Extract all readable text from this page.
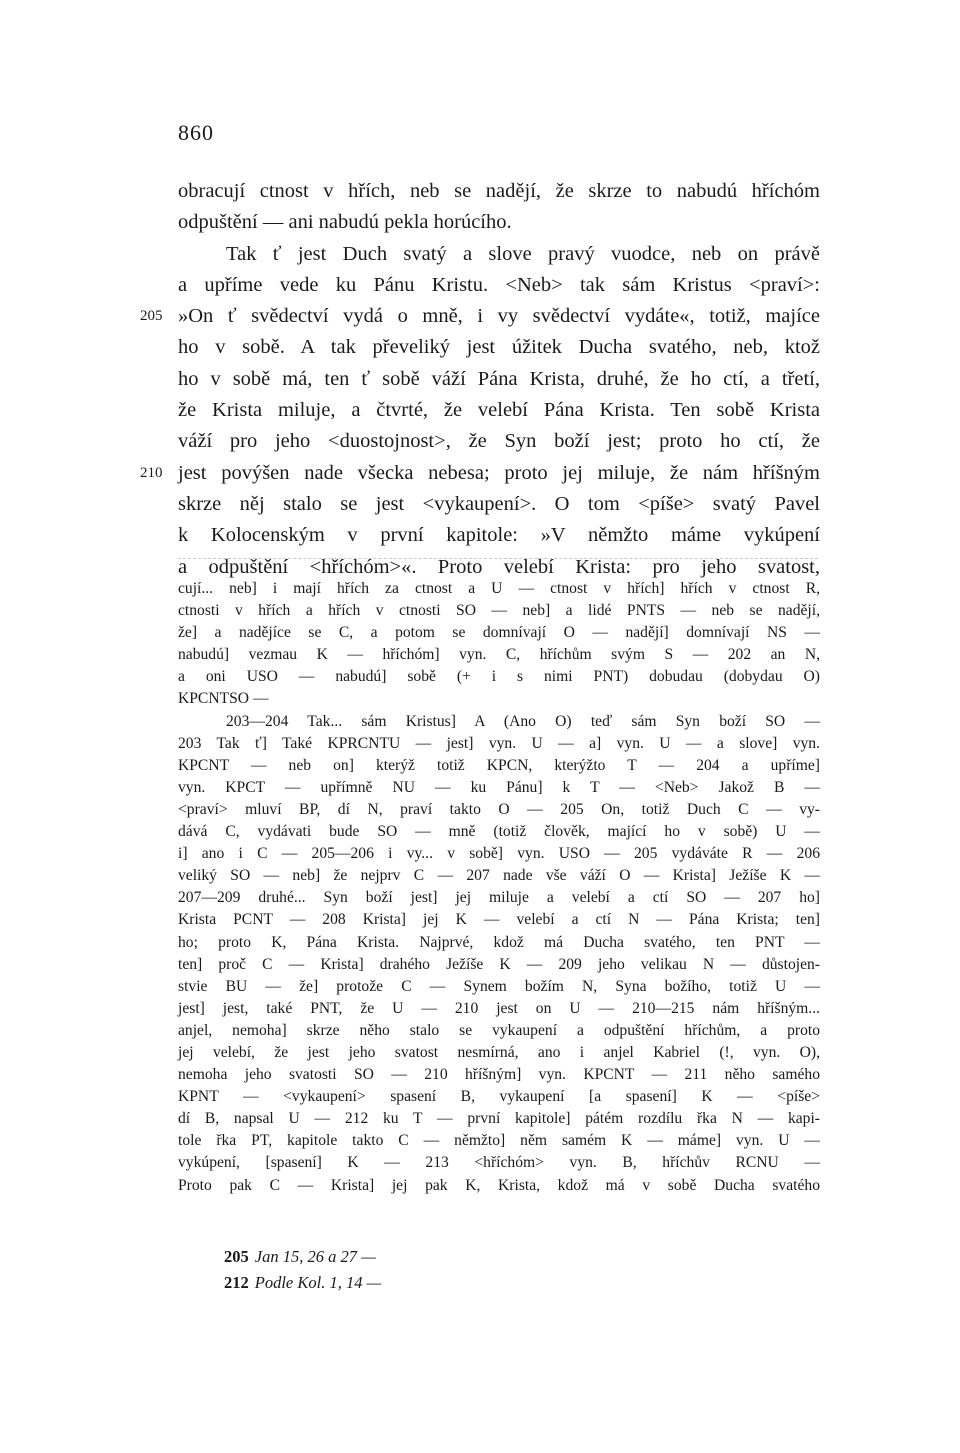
860
obracují ctnost v hřích, neb se nadějí, že skrze to nabudú hříchóm
odpuštění — ani nabudú pekla horúcího.
Tak ť jest Duch svatý a slove pravý vuodce, neb on právě
a upříme vede ku Pánu Kristu. <Neb> tak sám Kristus <praví>:
205 »On ť svědectví vydá o mně, i vy svědectví vydáte«, totiž, majíce
ho v sobě. A tak převeliký jest úžitek Ducha svatého, neb, ktož
ho v sobě má, ten ť sobě váží Pána Krista, druhé, že ho ctí, a třetí,
že Krista miluje, a čtvrté, že velebí Pána Krista. Ten sobě Krista
váží pro jeho <duostojnost>, že Syn boží jest; proto ho ctí, že
210 jest povýšen nade všecka nebesa; proto jej miluje, že nám hříšným
skrze něj stalo se jest <vykaupení>. O tom <píše> svatý Pavel
k Kolocenským v první kapitole: »V němžto máme vykúpení
a odpuštění <hříchóm>«. Proto velebí Krista: pro jeho svatost,
cují... neb] i mají hřích za ctnost a U — ctnost v hřích] hřích v ctnost R,
ctnosti v hřích a hřích v ctnosti SO — neb] a lidé PNTS — neb se nadějí,
že] a nadějíce se C, a potom se domnívají O — nadějí] domnívají NS —
nabudú] vezmau K — hříchóm] vyn. C, hříchům svým S — 202 an N,
a oni USO — nabudú] sobě (+ i s nimi PNT) dobudau (dobydau O)
KPCNTSO —
203—204 Tak... sám Kristus] A (Ano O) teď sám Syn boží SO —
203 Tak ť] Také KPRCNTU — jest] vyn. U — a] vyn. U — a slove] vyn.
KPCNT — neb on] kterýž totiž KPCN, kterýžto T — 204 a upříme]
vyn. KPCT — upřímně NU — ku Pánu] k T — <Neb> Jakož B —
<praví> mluví BP, dí N, praví takto O — 205 On, totiž Duch C — vy-
dává C, vydávati bude SO — mně (totiž člověk, mající ho v sobě) U —
i] ano i C — 205—206 i vy... v sobě] vyn. USO — 205 vydáváte R — 206
veliký SO — neb] že nejprv C — 207 nade vše váží O — Krista] Ježíše K —
207—209 druhé... Syn boží jest] jej miluje a velebí a ctí SO — 207 ho]
Krista PCNT — 208 Krista] jej K — velebí a ctí N — Pána Krista; ten]
ho; proto K, Pána Krista. Najprvé, kdož má Ducha svatého, ten PNT —
ten] proč C — Krista] drahého Ježíše K — 209 jeho velikau N — důstojen-
stvie BU — že] protože C — Synem božím N, Syna božího, totiž U —
jest] jest, také PNT, že U — 210 jest on U — 210—215 nám hříšným...
anjel, nemoha] skrze něho stalo se vykaupení a odpuštění hříchům, a proto
jej velebí, že jest jeho svatost nesmírná, ano i anjel Kabriel (!, vyn. O),
nemoha jeho svatosti SO — 210 hříšným] vyn. KPCNT — 211 něho samého
KPNT — <vykaupení> spasení B, vykaupení [a spasení] K — <píše>
dí B, napsal U — 212 ku T — první kapitole] pátém rozdílu řka N — kapi-
tole řka PT, kapitole takto C — němžto] něm samém K — máme] vyn. U —
vykúpení, [spasení] K — 213 <hříchóm> vyn. B, hříchův RCNU —
Proto pak C — Krista] jej pak K, Krista, kdož má v sobě Ducha svatého
205 Jan 15, 26 a 27 —
212 Podle Kol. 1, 14 —
